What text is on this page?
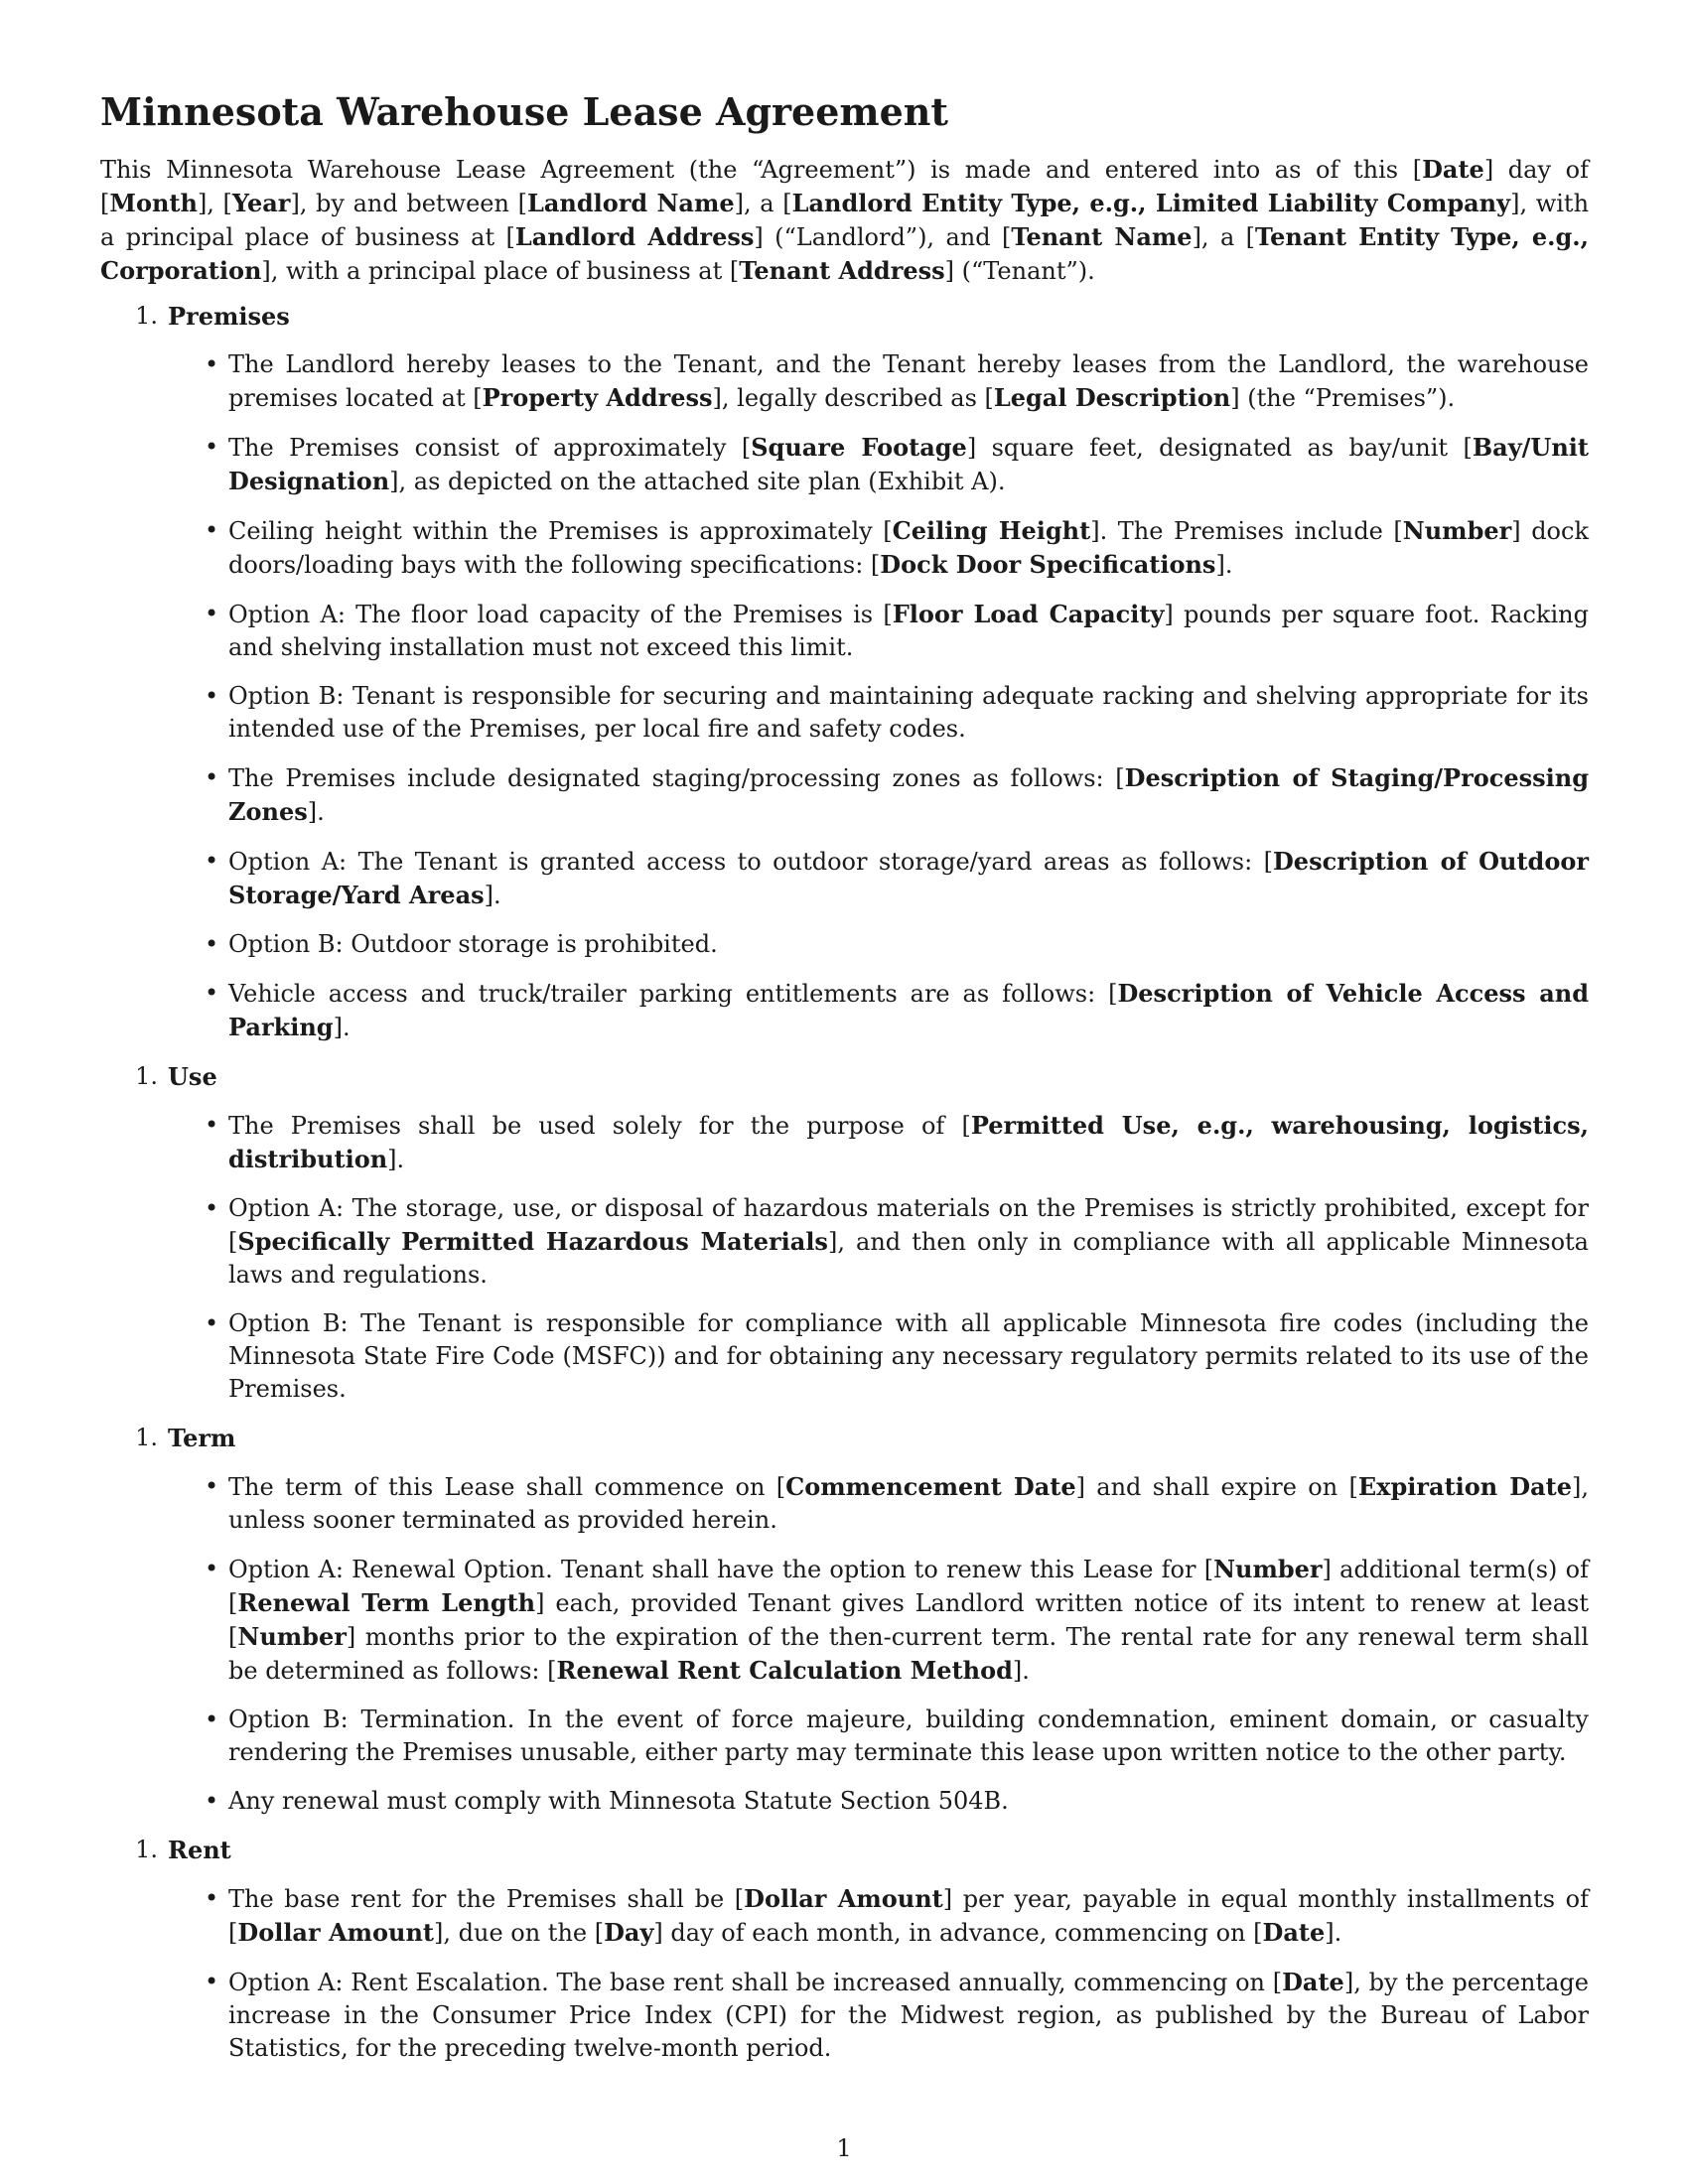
Minnesota Warehouse Lease Agreement

This Minnesota Warehouse Lease Agreement (the “Agreement”) is made and entered into as of this [Date] day of [Month], [Year], by and between [Landlord Name], a [Landlord Entity Type, e.g., Limited Liability Company], with a principal place of business at [Landlord Address] (“Landlord”), and [Tenant Name], a [Tenant Entity Type, e.g., Corporation], with a principal place of business at [Tenant Address] (“Tenant”).

1. Premises
• The Landlord hereby leases to the Tenant, and the Tenant hereby leases from the Landlord, the warehouse premises located at [Property Address], legally described as [Legal Description] (the “Premises”).
• The Premises consist of approximately [Square Footage] square feet, designated as bay/unit [Bay/Unit Designation], as depicted on the attached site plan (Exhibit A).
• Ceiling height within the Premises is approximately [Ceiling Height]. The Premises include [Number] dock doors/loading bays with the following specifications: [Dock Door Specifications].
• Option A: The floor load capacity of the Premises is [Floor Load Capacity] pounds per square foot. Racking and shelving installation must not exceed this limit.
• Option B: Tenant is responsible for securing and maintaining adequate racking and shelving appropriate for its intended use of the Premises, per local fire and safety codes.
• The Premises include designated staging/processing zones as follows: [Description of Staging/Processing Zones].
• Option A: The Tenant is granted access to outdoor storage/yard areas as follows: [Description of Outdoor Storage/Yard Areas].
• Option B: Outdoor storage is prohibited.
• Vehicle access and truck/trailer parking entitlements are as follows: [Description of Vehicle Access and Parking].
1. Use
• The Premises shall be used solely for the purpose of [Permitted Use, e.g., warehousing, logistics, distribution].
• Option A: The storage, use, or disposal of hazardous materials on the Premises is strictly prohibited, except for [Specifically Permitted Hazardous Materials], and then only in compliance with all applicable Minnesota laws and regulations.
• Option B: The Tenant is responsible for compliance with all applicable Minnesota fire codes (including the Minnesota State Fire Code (MSFC)) and for obtaining any necessary regulatory permits related to its use of the Premises.
1. Term
• The term of this Lease shall commence on [Commencement Date] and shall expire on [Expiration Date], unless sooner terminated as provided herein.
• Option A: Renewal Option. Tenant shall have the option to renew this Lease for [Number] additional term(s) of [Renewal Term Length] each, provided Tenant gives Landlord written notice of its intent to renew at least [Number] months prior to the expiration of the then-current term. The rental rate for any renewal term shall be determined as follows: [Renewal Rent Calculation Method].
• Option B: Termination. In the event of force majeure, building condemnation, eminent domain, or casualty rendering the Premises unusable, either party may terminate this lease upon written notice to the other party.
• Any renewal must comply with Minnesota Statute Section 504B.
1. Rent
• The base rent for the Premises shall be [Dollar Amount] per year, payable in equal monthly installments of [Dollar Amount], due on the [Day] day of each month, in advance, commencing on [Date].
• Option A: Rent Escalation. The base rent shall be increased annually, commencing on [Date], by the percentage increase in the Consumer Price Index (CPI) for the Midwest region, as published by the Bureau of Labor Statistics, for the preceding twelve-month period.
1
